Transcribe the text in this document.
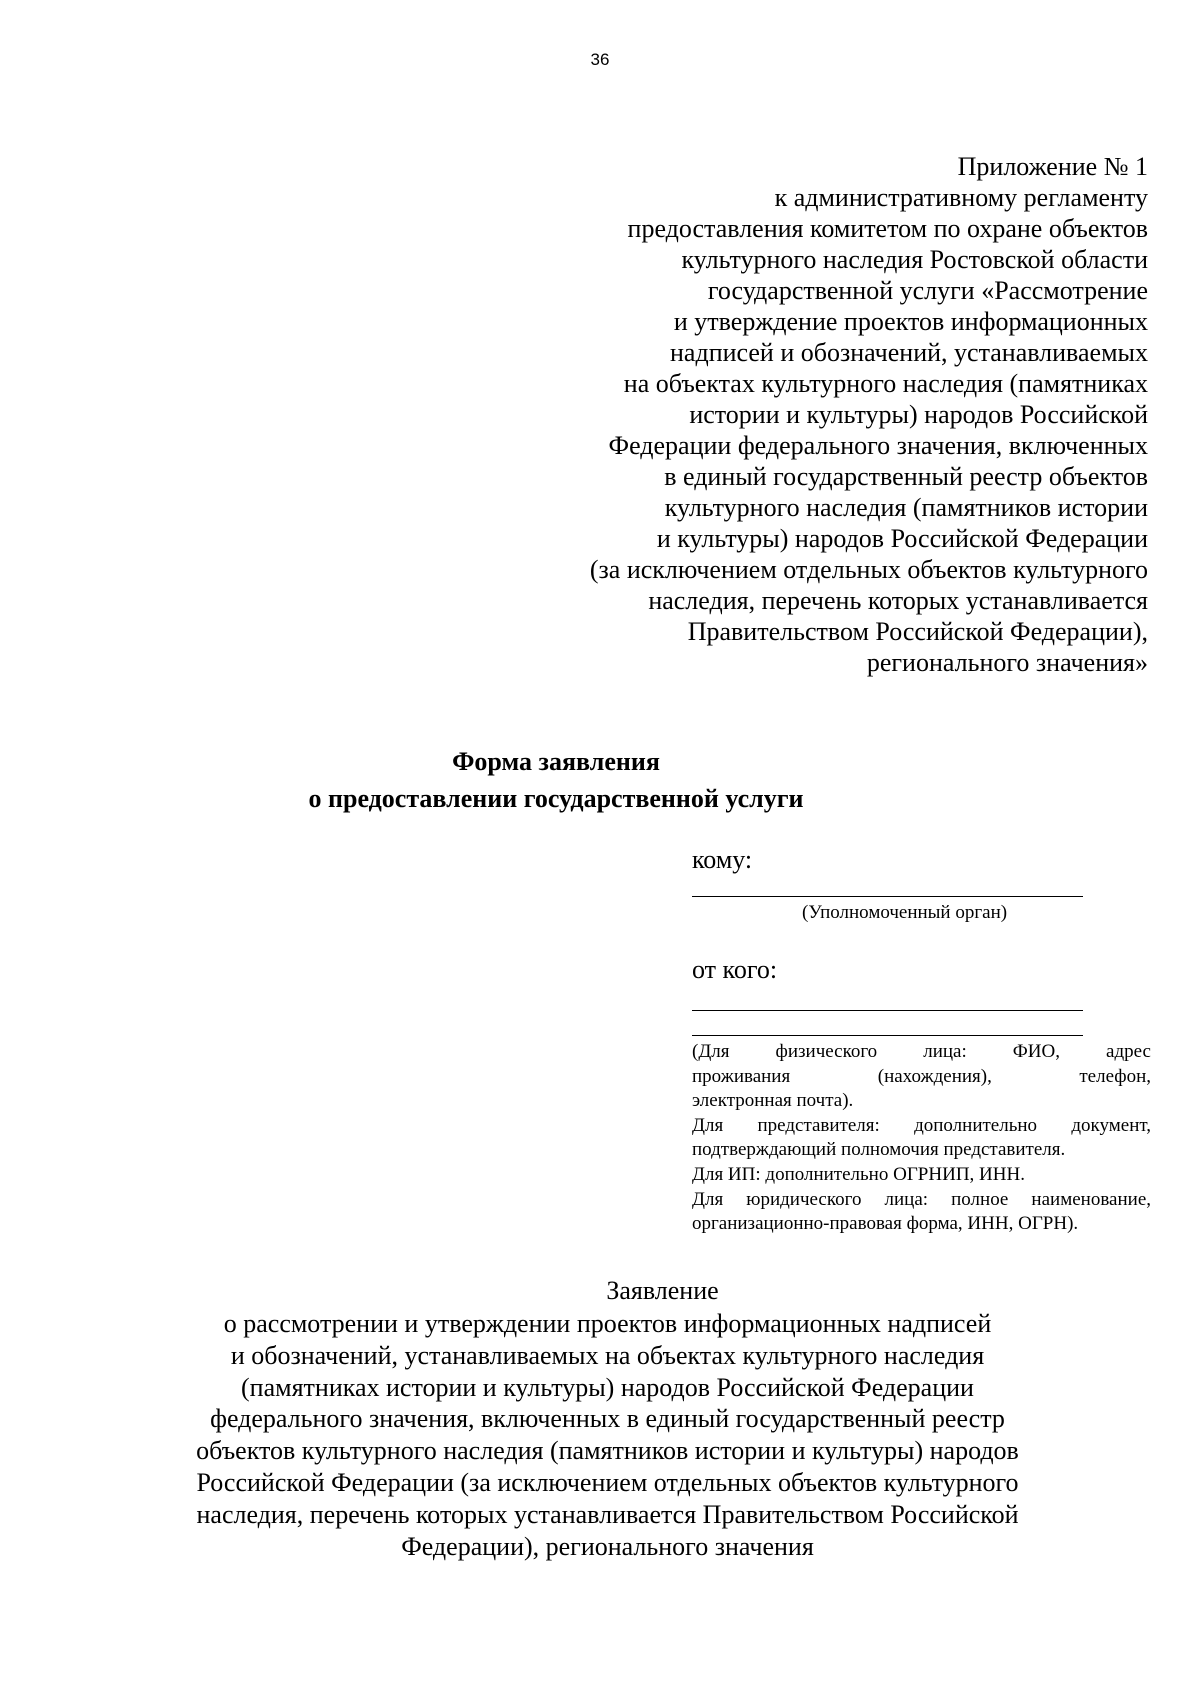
36
Приложение № 1
к административному регламенту
предоставления комитетом по охране объектов
культурного наследия Ростовской области
государственной услуги «Рассмотрение
и утверждение проектов информационных
надписей и обозначений, устанавливаемых
на объектах культурного наследия (памятниках
истории и культуры) народов Российской
Федерации федерального значения, включенных
в единый государственный реестр объектов
культурного наследия (памятников истории
и культуры) народов Российской Федерации
(за исключением отдельных объектов культурного
наследия, перечень которых устанавливается
Правительством Российской Федерации),
регионального значения»
Форма заявления
о предоставлении государственной услуги
кому:
(Уполномоченный орган)
от кого:
(Для физического лица: ФИО, адрес
проживания (нахождения), телефон,
электронная почта).
Для представителя: дополнительно документ,
подтверждающий полномочия представителя.
Для ИП: дополнительно ОГРНИП, ИНН.
Для юридического лица: полное наименование,
организационно-правовая форма, ИНН, ОГРН).
Заявление
о рассмотрении и утверждении проектов информационных надписей
и обозначений, устанавливаемых на объектах культурного наследия
(памятниках истории и культуры) народов Российской Федерации
федерального значения, включенных в единый государственный реестр
объектов культурного наследия (памятников истории и культуры) народов
Российской Федерации (за исключением отдельных объектов культурного
наследия, перечень которых устанавливается Правительством Российской
Федерации), регионального значения
